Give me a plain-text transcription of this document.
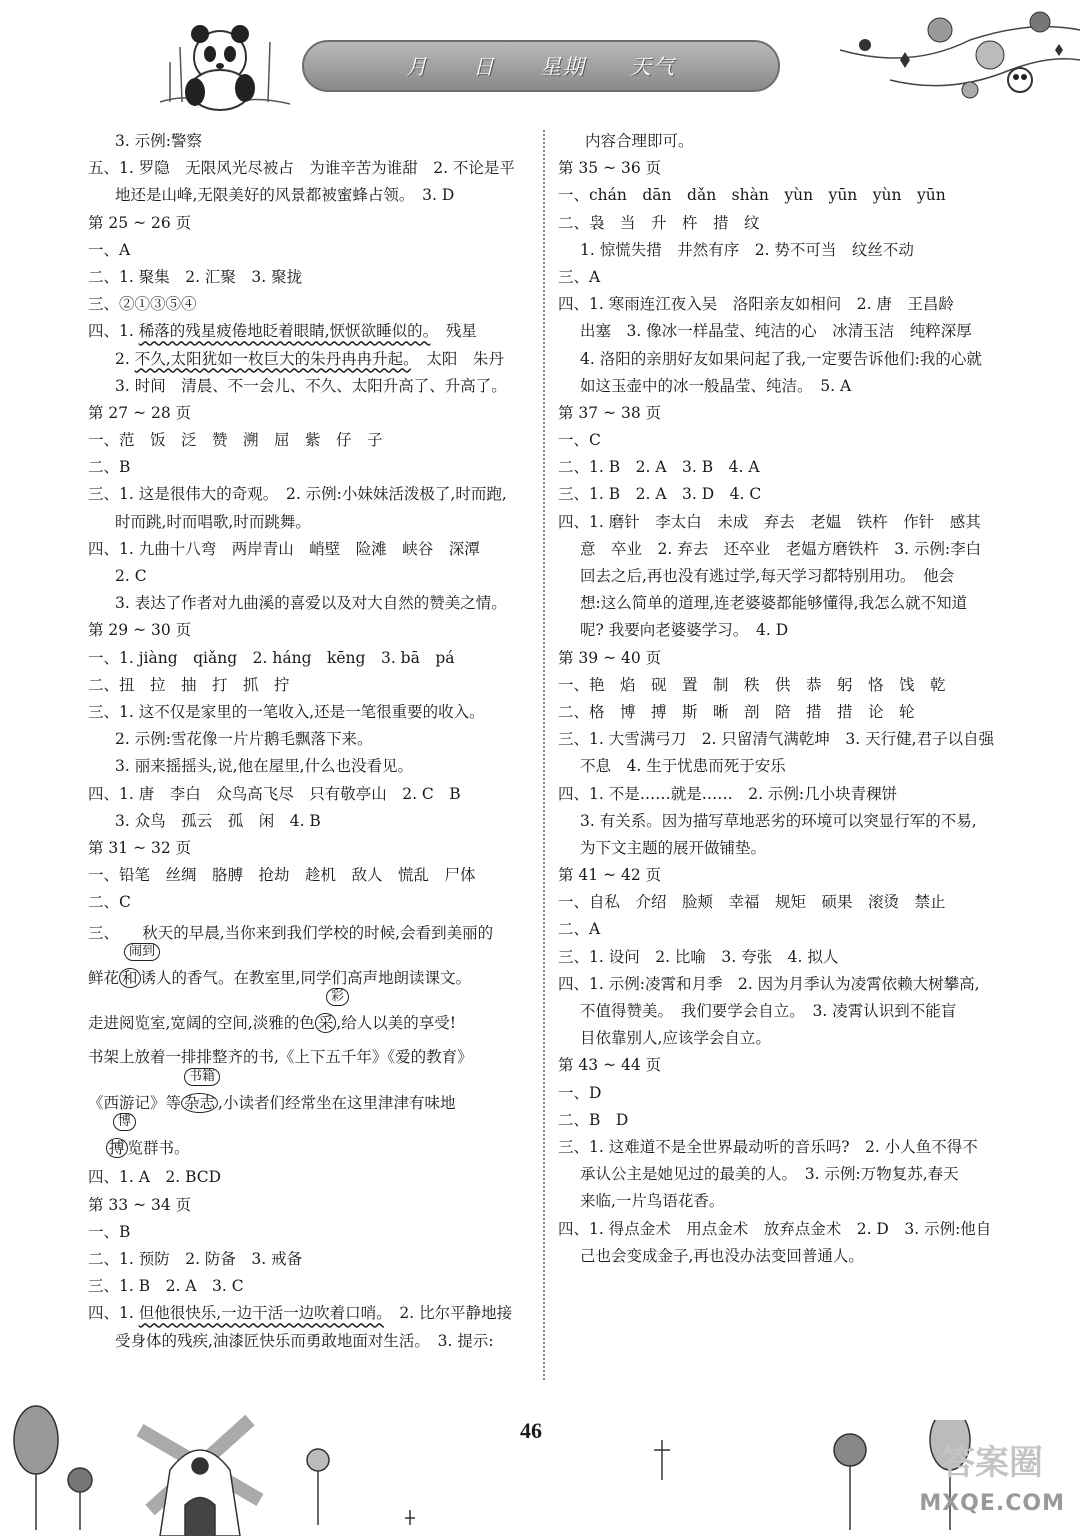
月 日 星期 天气
3. 示例:警察
五、1. 罗隐　无限风光尽被占　为谁辛苦为谁甜　2. 不论是平
地还是山峰,无限美好的风景都被蜜蜂占领。　3. D
第 25 ~ 26 页
一、A
二、1. 聚集　2. 汇聚　3. 聚拢
三、②①③⑤④
四、1. 稀落的残星疲倦地眨着眼睛,恹恹欲睡似的。　残星
2. 不久,太阳犹如一枚巨大的朱丹冉冉升起。　太阳　朱丹
3. 时间　清晨、不一会儿、不久、太阳升高了、升高了。
第 27 ~ 28 页
一、范　饭　泛　赞　溯　屈　紫　仔　子
二、B
三、1. 这是很伟大的奇观。　2. 示例:小妹妹活泼极了,时而跑,
时而跳,时而唱歌,时而跳舞。
四、1. 九曲十八弯　两岸青山　峭壁　险滩　峡谷　深潭
2. C
3. 表达了作者对九曲溪的喜爱以及对大自然的赞美之情。
第 29 ~ 30 页
一、1. jiàng　qiǎng　2. háng　kēng　3. bā　pá
二、扭　拉　抽　打　抓　拧
三、1. 这不仅是家里的一笔收入,还是一笔很重要的收入。
2. 示例:雪花像一片片鹅毛飘落下来。
3. 丽来摇摇头,说,他在屋里,什么也没看见。
四、1. 唐　李白　众鸟高飞尽　只有敬亭山　2. C　B
3. 众鸟　孤云　孤　闲　4. B
第 31 ~ 32 页
一、铅笔　丝绸　胳膊　抢劫　趁机　敌人　慌乱　尸体
二、C
三、　　秋天的早晨,当你来到我们学校的时候,会看到美丽的
鲜花 和
闹到
诱人的香气。在教室里,同学们高声地朗读课文。
走进阅览室,宽阔的空间,淡雅的色 采
彩
,给人以美的享受!
书架上放着一排排整齐的书,《上下五千年》《爱的教育》
《西游记》等 杂志
书籍
,小读者们经常坐在这里津津有味地
搏
博
览群书。
四、1. A　2. BCD
第 33 ~ 34 页
一、B
二、1. 预防　2. 防备　3. 戒备
三、1. B　2. A　3. C
四、1. 但他很快乐,一边干活一边吹着口哨。　2. 比尔平静地接
受身体的残疾,油漆匠快乐而勇敢地面对生活。　3. 提示:
内容合理即可。
第 35 ~ 36 页
一、chán　dān　dǎn　shàn　yùn　yūn　yùn　yūn
二、袅　当　升　杵　措　纹
1. 惊慌失措　井然有序　2. 势不可当　纹丝不动
三、A
四、1. 寒雨连江夜入吴　洛阳亲友如相问　2. 唐　王昌龄
出塞　3. 像冰一样晶莹、纯洁的心　冰清玉洁　纯粹深厚
4. 洛阳的亲朋好友如果问起了我,一定要告诉他们:我的心就
如这玉壶中的冰一般晶莹、纯洁。　5. A
第 37 ~ 38 页
一、C
二、1. B　2. A　3. B　4. A
三、1. B　2. A　3. D　4. C
四、1. 磨针　李太白　未成　弃去　老媪　铁杵　作针　感其
意　卒业　2. 弃去　还卒业　老媪方磨铁杵　3. 示例:李白
回去之后,再也没有逃过学,每天学习都特别用功。　他会
想:这么简单的道理,连老婆婆都能够懂得,我怎么就不知道
呢? 我要向老婆婆学习。　4. D
第 39 ~ 40 页
一、艳　焰　砚　置　制　秩　供　恭　躬　恪　饯　乾
二、格　博　搏　斯　晰　剖　陪　措　措　论　轮
三、1. 大雪满弓刀　2. 只留清气满乾坤　3. 天行健,君子以自强
不息　4. 生于忧患而死于安乐
四、1. 不是……就是……　2. 示例:几小块青稞饼
3. 有关系。因为描写草地恶劣的环境可以突显行军的不易,
为下文主题的展开做铺垫。
第 41 ~ 42 页
一、自私　介绍　脸颊　幸福　规矩　硕果　滚烫　禁止
二、A
三、1. 设问　2. 比喻　3. 夸张　4. 拟人
四、1. 示例:凌霄和月季　2. 因为月季认为凌霄依赖大树攀高,
不值得赞美。　我们要学会自立。　3. 凌霄认识到不能盲
目依靠别人,应该学会自立。
第 43 ~ 44 页
一、D
二、B　D
三、1. 这难道不是全世界最动听的音乐吗?　2. 小人鱼不得不
承认公主是她见过的最美的人。　3. 示例:万物复苏,春天
来临,一片鸟语花香。
四、1. 得点金术　用点金术　放弃点金术　2. D　3. 示例:他自
己也会变成金子,再也没办法变回普通人。
46
答案圈
MXQE.COM
